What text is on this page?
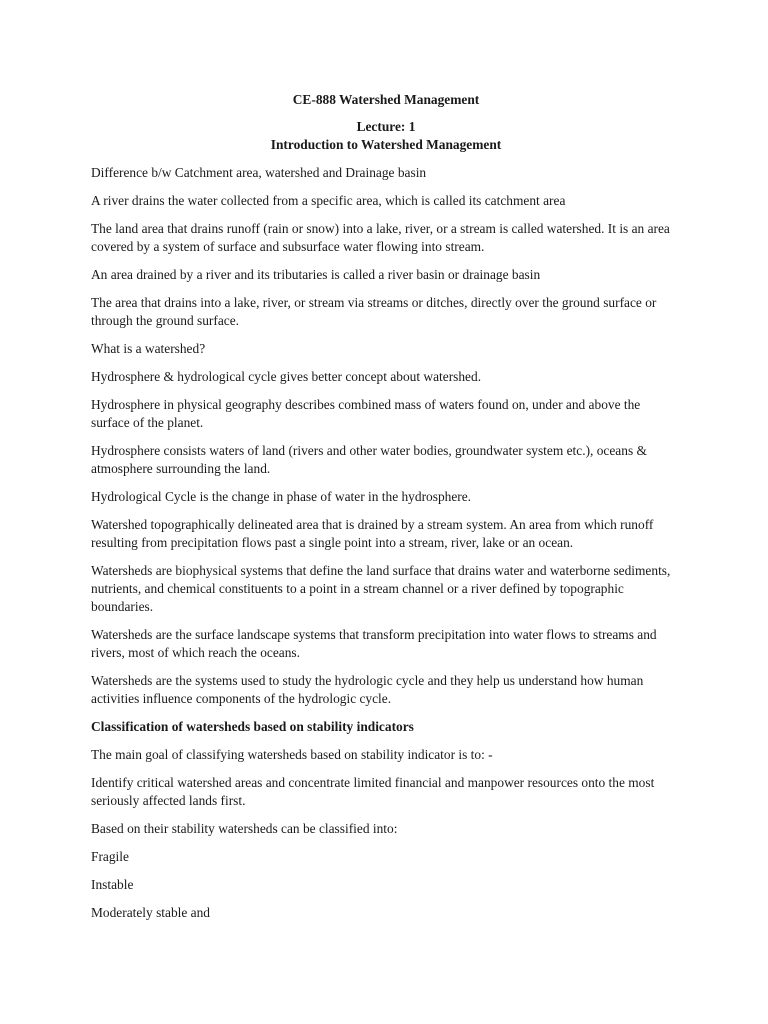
CE-888 Watershed Management

Lecture: 1

Introduction to Watershed Management

Difference b/w Catchment area, watershed and Drainage basin

A river drains the water collected from a specific area, which is called its catchment area

The land area that drains runoff (rain or snow) into a lake, river, or a stream is called watershed. It is an area covered by a system of surface and subsurface water flowing into stream.

An area drained by a river and its tributaries is called a river basin or drainage basin

The area that drains into a lake, river, or stream via streams or ditches, directly over the ground surface or through the ground surface.

What is a watershed?

Hydrosphere & hydrological cycle gives better concept about watershed.

Hydrosphere in physical geography describes combined mass of waters found on, under and above the surface of the planet.

Hydrosphere consists waters of land (rivers and other water bodies, groundwater system etc.), oceans & atmosphere surrounding the land.

Hydrological Cycle is the change in phase of water in the hydrosphere.

Watershed topographically delineated area that is drained by a stream system. An area from which runoff resulting from precipitation flows past a single point into a stream, river, lake or an ocean.

Watersheds are biophysical systems that define the land surface that drains water and waterborne sediments, nutrients, and chemical constituents to a point in a stream channel or a river defined by topographic boundaries.

Watersheds are the surface landscape systems that transform precipitation into water flows to streams and rivers, most of which reach the oceans.

Watersheds are the systems used to study the hydrologic cycle and they help us understand how human activities influence components of the hydrologic cycle.

Classification of watersheds based on stability indicators

The main goal of classifying watersheds based on stability indicator is to: -

Identify critical watershed areas and concentrate limited financial and manpower resources onto the most seriously affected lands first.

Based on their stability watersheds can be classified into:

Fragile

Instable

Moderately stable and
